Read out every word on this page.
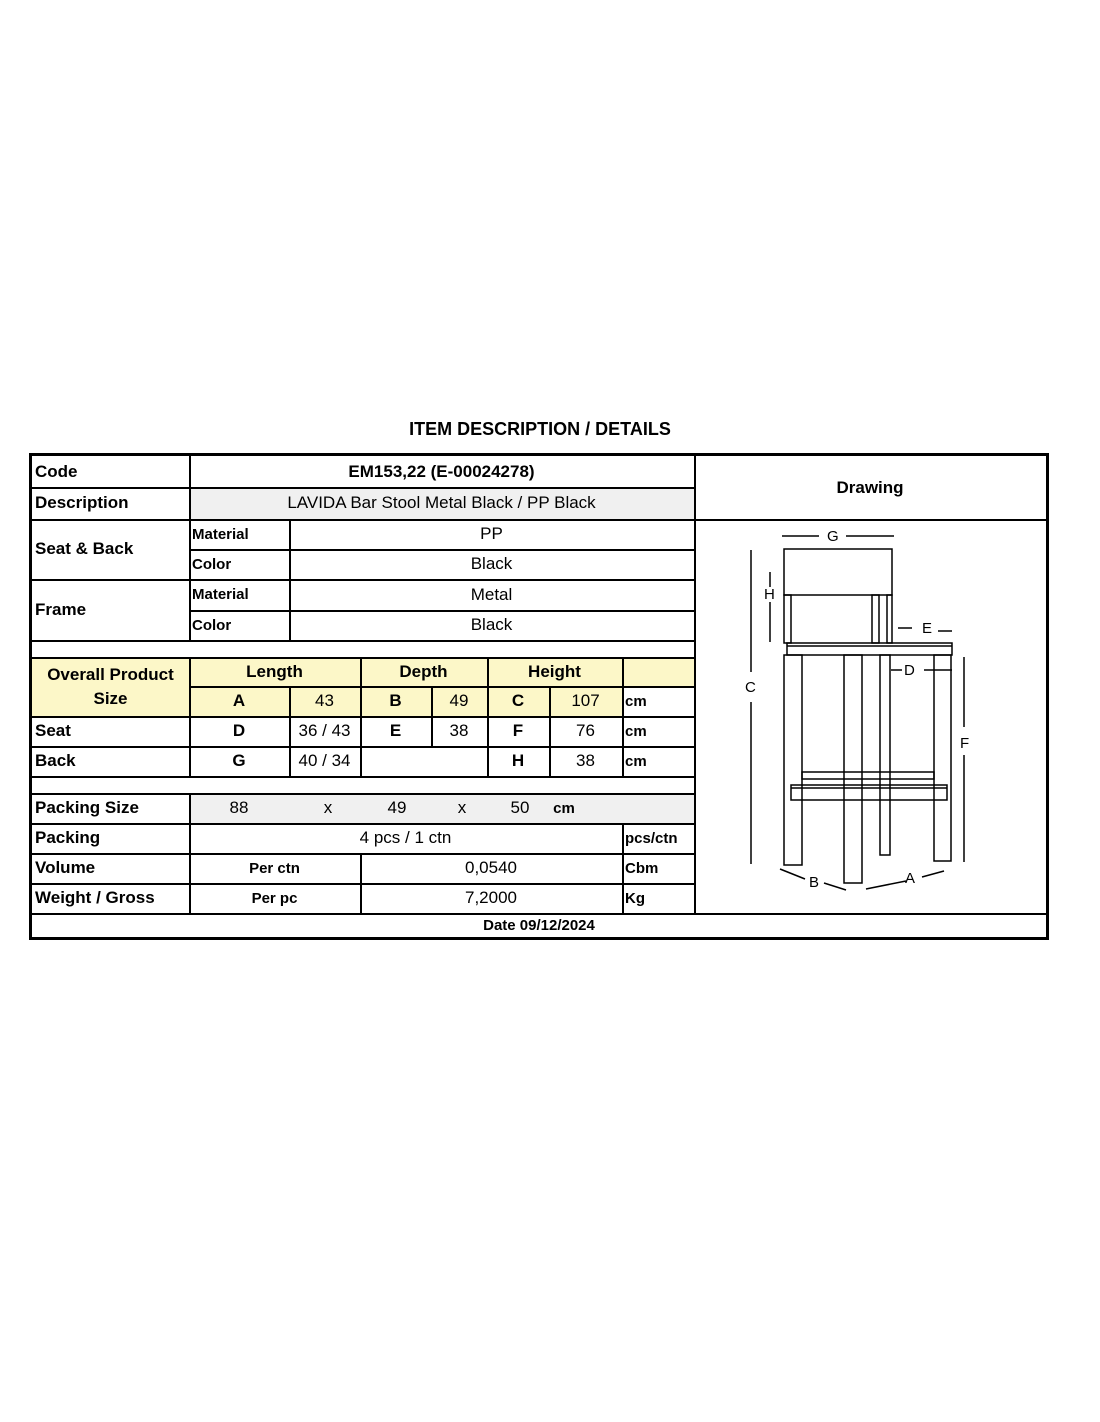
ITEM DESCRIPTION / DETAILS
Code	EM153,22 (E-00024278)
Description	LAVIDA Bar Stool Metal Black / PP Black
Drawing
Seat & Back
Material	PP
Color	Black
Frame
Material	Metal
Color	Black
Overall Product Size
Length	Depth	Height
A	43	B	49	C	107	cm
Seat	D	36 / 43	E	38	F	76	cm
Back	G	40 / 34	H	38	cm
Packing Size	88	x	49	x	50	cm
Packing	4 pcs / 1 ctn	pcs/ctn
Volume	Per ctn	0,0540	Cbm
Weight / Gross	Per pc	7,2000	Kg
Date 09/12/2024
G
H
E
D
C
F
B	A
